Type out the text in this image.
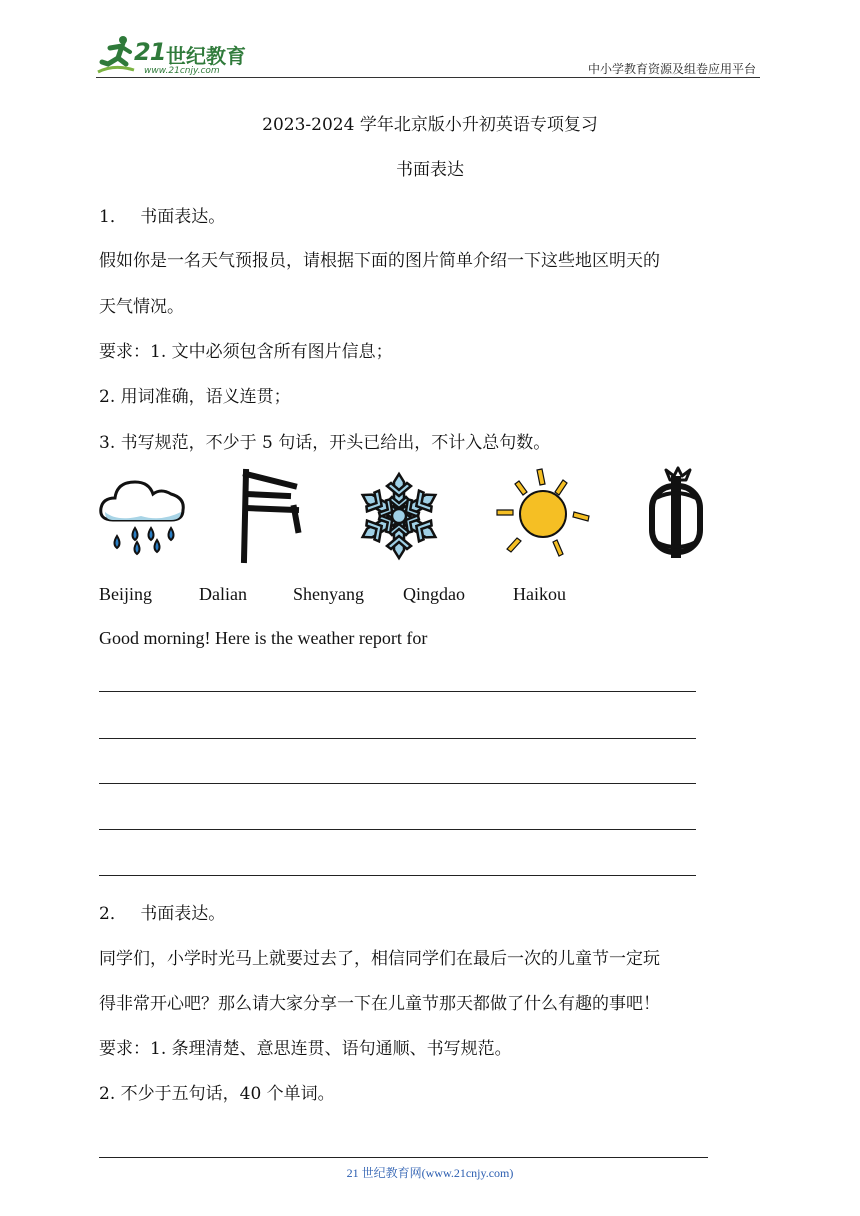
21 世纪教育
www.21cnjy.com	中小学教育资源及组卷应用平台
2023-2024 学年北京版小升初英语专项复习
书面表达
1． 书面表达。
假如你是一名天气预报员，请根据下面的图片简单介绍一下这些地区明天的
天气情况。
要求：1. 文中必须包含所有图片信息；
2. 用词准确，语义连贯；
3. 书写规范，不少于 5 句话，开头已给出，不计入总句数。
Beijing	Dalian	Shenyang Qingdao	Haikou
Good morning! Here is the weather report for
2． 书面表达。
同学们，小学时光马上就要过去了，相信同学们在最后一次的儿童节一定玩
得非常开心吧？那么请大家分享一下在儿童节那天都做了什么有趣的事吧！
要求：1. 条理清楚、意思连贯、语句通顺、书写规范。
2. 不少于五句话，40 个单词。
21 世纪教育网(www.21cnjy.com)
